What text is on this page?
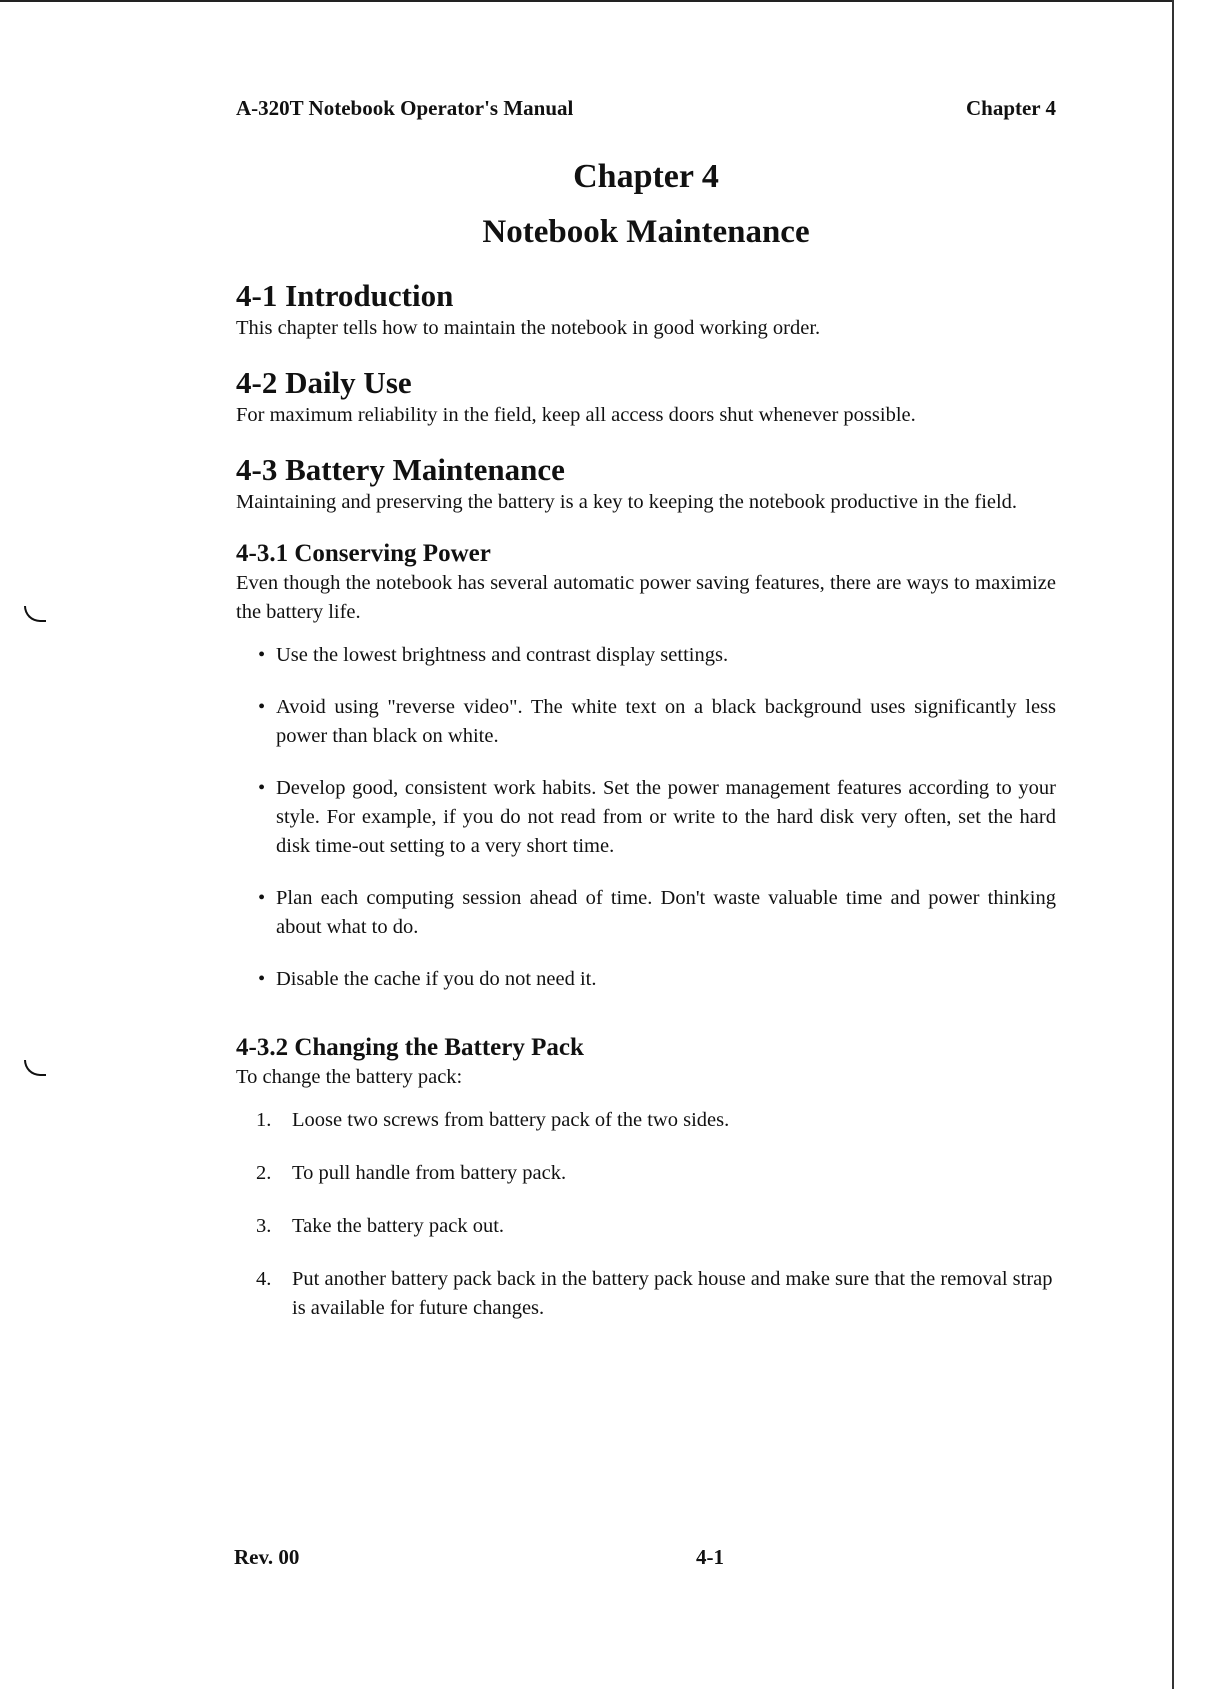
A-320T Notebook Operator's Manual	Chapter 4
Chapter 4
Notebook Maintenance
4-1 Introduction

This chapter tells how to maintain the notebook in good working order.

4-2 Daily Use

For maximum reliability in the field, keep all access doors shut whenever possible.

4-3 Battery Maintenance

Maintaining and preserving the battery is a key to keeping the notebook productive in the field.

4-3.1 Conserving Power

Even though the notebook has several automatic power saving features, there are ways to maximize the battery life.

• Use the lowest brightness and contrast display settings.
• Avoid using "reverse video". The white text on a black background uses significantly less power than black on white.
• Develop good, consistent work habits. Set the power management features according to your style. For example, if you do not read from or write to the hard disk very often, set the hard disk time-out setting to a very short time.
• Plan each computing session ahead of time. Don't waste valuable time and power thinking about what to do.
• Disable the cache if you do not need it.
4-3.2 Changing the Battery Pack

To change the battery pack:

1. Loose two screws from battery pack of the two sides.
2. To pull handle from battery pack.
3. Take the battery pack out.
4. Put another battery pack back in the battery pack house and make sure that the removal strap is available for future changes.
Rev. 00	4-1
